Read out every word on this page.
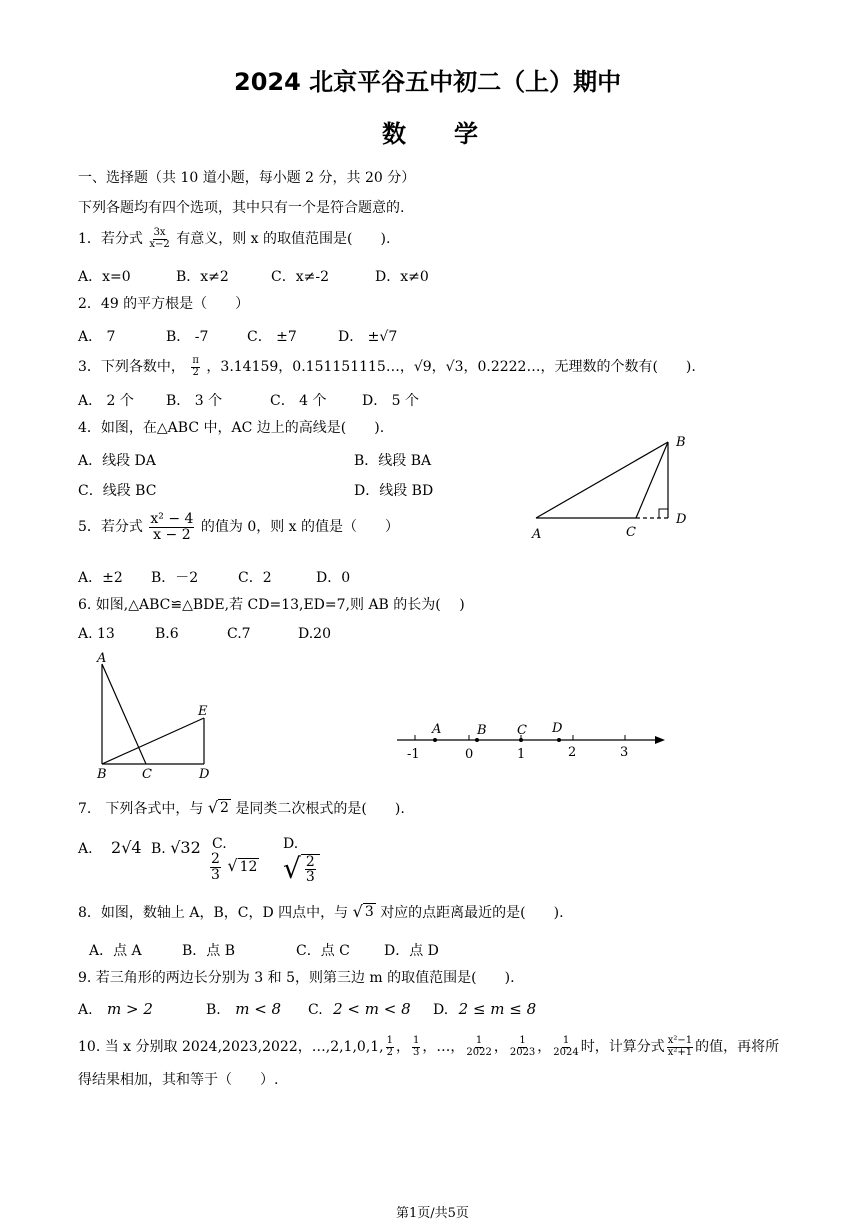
2024 北京平谷五中初二（上）期中
数　　学
一、选择题（共 10 道小题，每小题 2 分，共 20 分）
下列各题均有四个选项，其中只有一个是符合题意的.
1．若分式 $\frac{3x}{x-2}$ 有意义，则 x 的取值范围是(　　).
A．x=0	B．x≠2	C．x≠-2	D．x≠0
2．49 的平方根是（　　）
A． 7	B． -7	C． ±7	D． ±√7
3．下列各数中， $\frac{\pi}{2}$ ，3.14159，0.151151115…，√9，√3，0.2222…，无理数的个数有(　　).
A． 2 个 B． 3 个	C． 4 个	D． 5 个
4．如图，在△ABC 中，AC 边上的高线是(　　).
A．线段 DA	B．线段 BA
C．线段 BC	D．线段 BD
A
B
C
D
5．若分式 $\frac{\text{x² − 4}}{x - 2}$ 的值为 0，则 x 的值是（　　）
A．±2 B．－2	C．2	D．0
6. 如图,△ABC≌△BDE,若 CD=13,ED=7,则 AB 的长为(　 )
A. 13	B.6	C.7	D.20
A
B	C	D
E
-1	0	1	2	3
A	B C D
7.　下列各式中，与 √ 2 是同类二次根式的是(　　).
A. 2√4 B. √32 C.

$\frac{2}{3}$
√ 12
D.

√ $\frac{2}{3}$
8．如图，数轴上 A，B，C，D 四点中，与 √ 3 对应的点距离最近的是(　　).
A．点 A	B．点 B	C．点 C D．点 D
9. 若三角形的两边长分别为 3 和 5，则第三边 m 的取值范围是(　　).
A. m > 2	B. m < 8 C. 2 < m < 8 D. 2 ≤ m ≤ 8
10. 当 x 分别取 2024,2023,2022，…,2,1,0,1, $\frac{1}{2}$ ， $\frac{1}{3}$ ，…， $\frac{1}{2022}$ ， $\frac{1}{2023}$ ， $\frac{1}{2024}$ 时，计算分式 $\frac{\text{x²−1}}{\text{x²+1}}$ 的值，再将所
得结果相加，其和等于（　　）.
第1页/共5页
